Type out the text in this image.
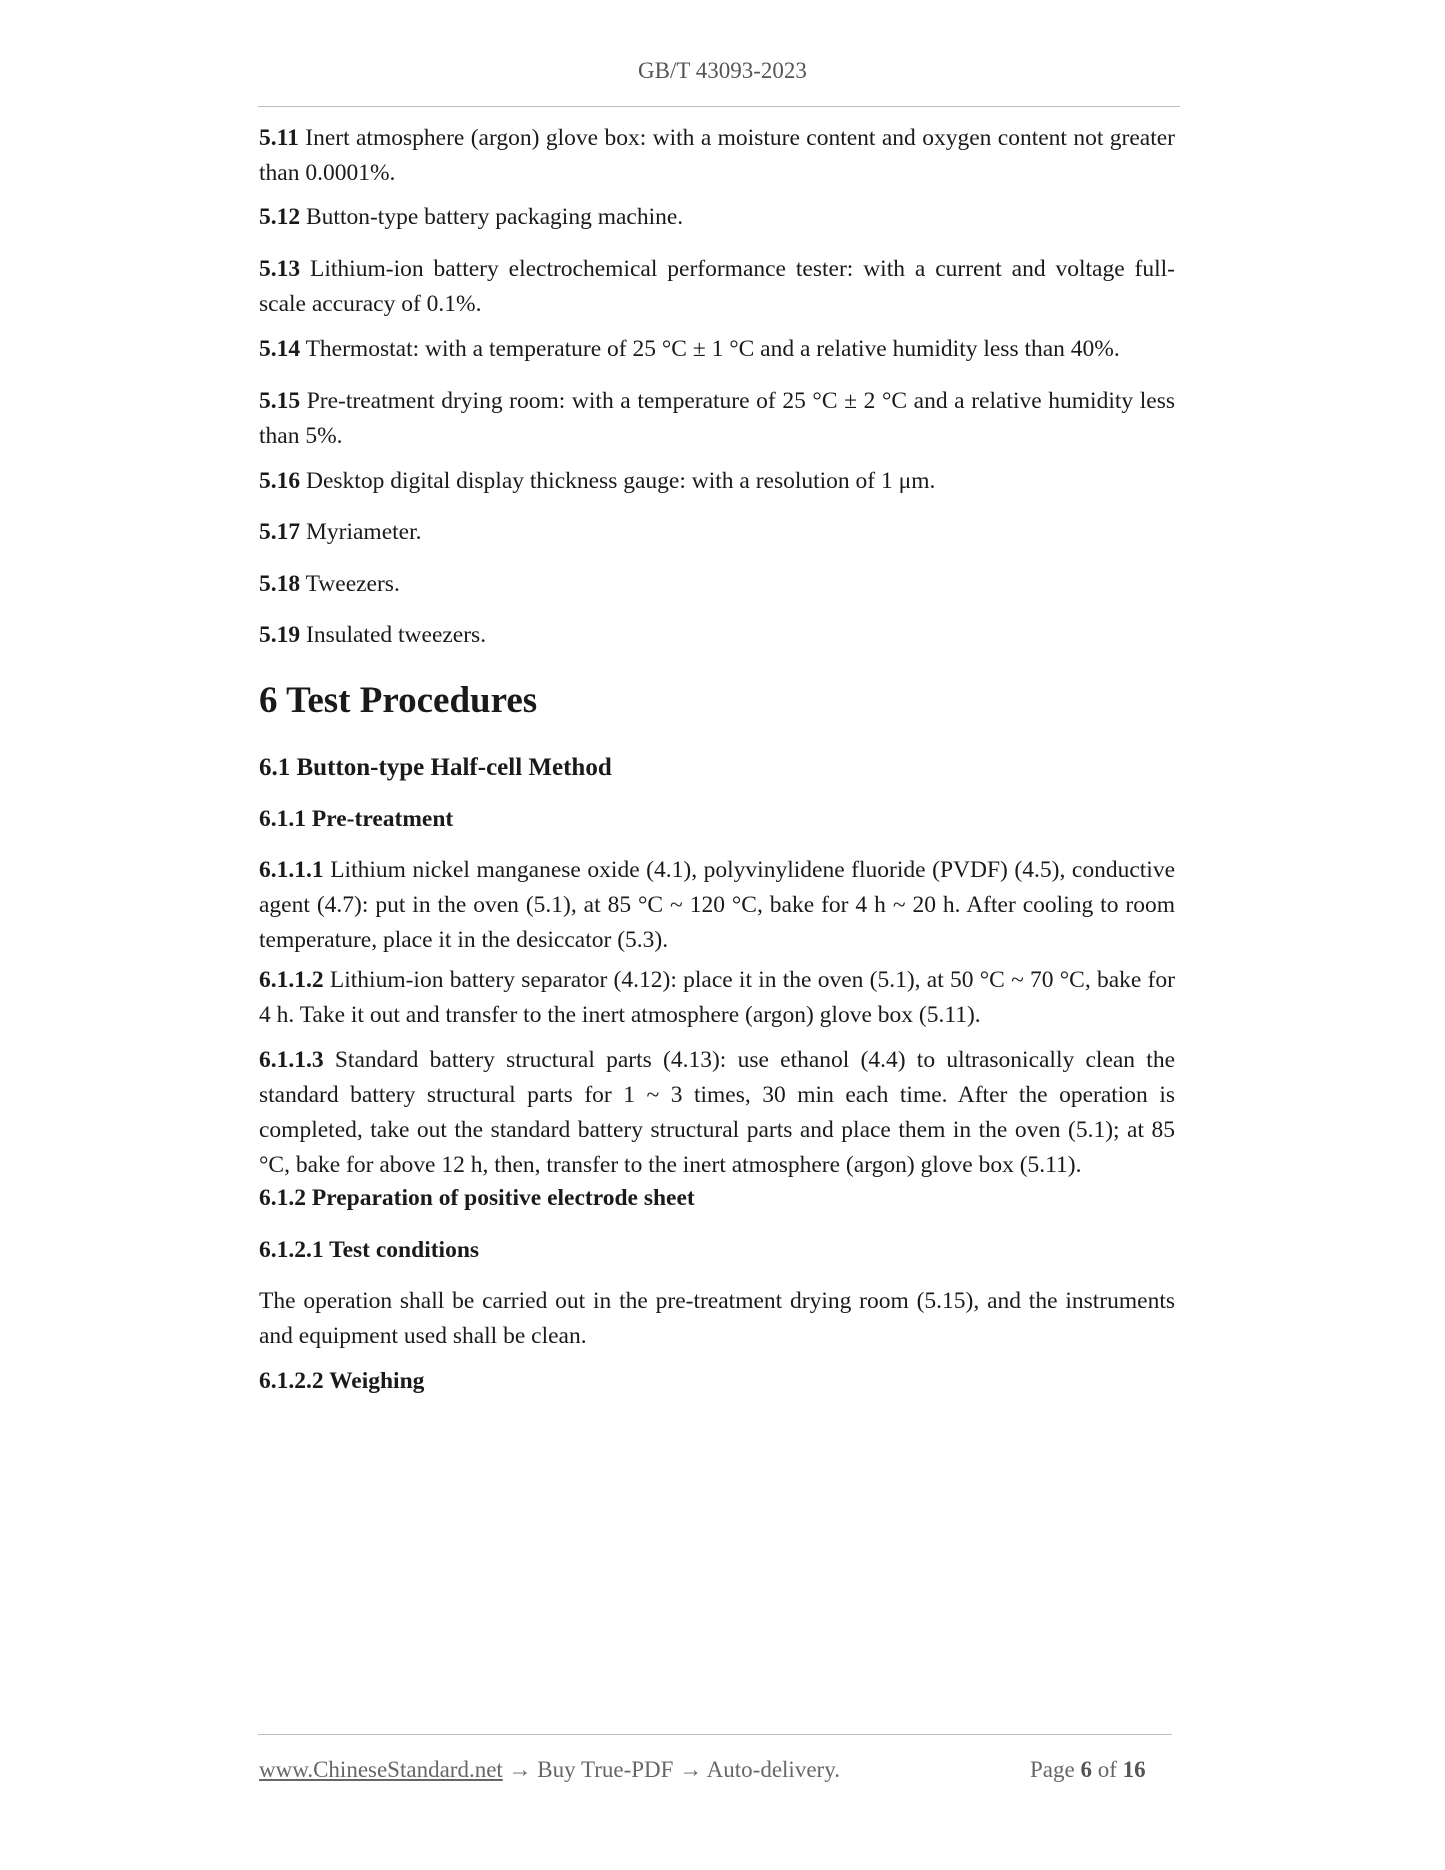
GB/T 43093-2023

5.11 Inert atmosphere (argon) glove box: with a moisture content and oxygen content not greater than 0.0001%.

5.12 Button-type battery packaging machine.

5.13 Lithium-ion battery electrochemical performance tester: with a current and voltage full-scale accuracy of 0.1%.

5.14 Thermostat: with a temperature of 25 °C ± 1 °C and a relative humidity less than 40%.

5.15 Pre-treatment drying room: with a temperature of 25 °C ± 2 °C and a relative humidity less than 5%.

5.16 Desktop digital display thickness gauge: with a resolution of 1 μm.

5.17 Myriameter.

5.18 Tweezers.

5.19 Insulated tweezers.

6 Test Procedures
6.1 Button-type Half-cell Method
6.1.1 Pre-treatment

6.1.1.1 Lithium nickel manganese oxide (4.1), polyvinylidene fluoride (PVDF) (4.5), conductive agent (4.7): put in the oven (5.1), at 85 °C ~ 120 °C, bake for 4 h ~ 20 h. After cooling to room temperature, place it in the desiccator (5.3).

6.1.1.2 Lithium-ion battery separator (4.12): place it in the oven (5.1), at 50 °C ~ 70 °C, bake for 4 h. Take it out and transfer to the inert atmosphere (argon) glove box (5.11).

6.1.1.3 Standard battery structural parts (4.13): use ethanol (4.4) to ultrasonically clean the standard battery structural parts for 1 ~ 3 times, 30 min each time. After the operation is completed, take out the standard battery structural parts and place them in the oven (5.1); at 85 °C, bake for above 12 h, then, transfer to the inert atmosphere (argon) glove box (5.11).

6.1.2 Preparation of positive electrode sheet
6.1.2.1 Test conditions

The operation shall be carried out in the pre-treatment drying room (5.15), and the instruments and equipment used shall be clean.

6.1.2.2 Weighing
www.ChineseStandard.net → Buy True-PDF → Auto-delivery.	Page 6 of 16
